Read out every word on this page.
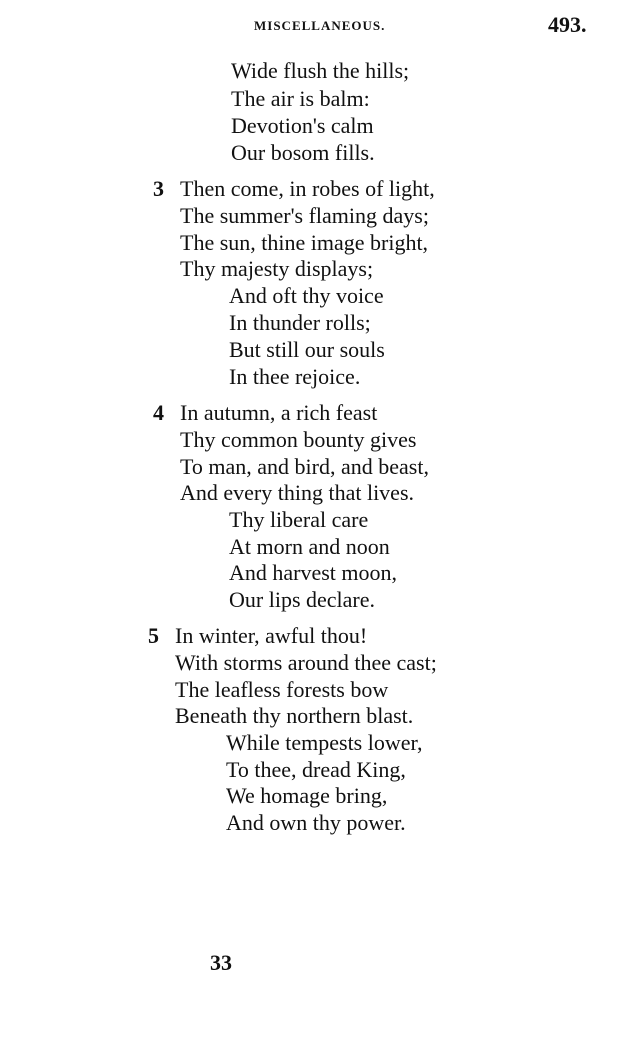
MISCELLANEOUS.	493.
Wide flush the hills;
The air is balm:
Devotion's calm
Our bosom fills.
3 Then come, in robes of light,
The summer's flaming days;
The sun, thine image bright,
Thy majesty displays;
And oft thy voice
In thunder rolls;
But still our souls
In thee rejoice.
4 In autumn, a rich feast
Thy common bounty gives
To man, and bird, and beast,
And every thing that lives.
Thy liberal care
At morn and noon
And harvest moon,
Our lips declare.
5 In winter, awful thou!
With storms around thee cast;
The leafless forests bow
Beneath thy northern blast.
While tempests lower,
To thee, dread King,
We homage bring,
And own thy power.
33
